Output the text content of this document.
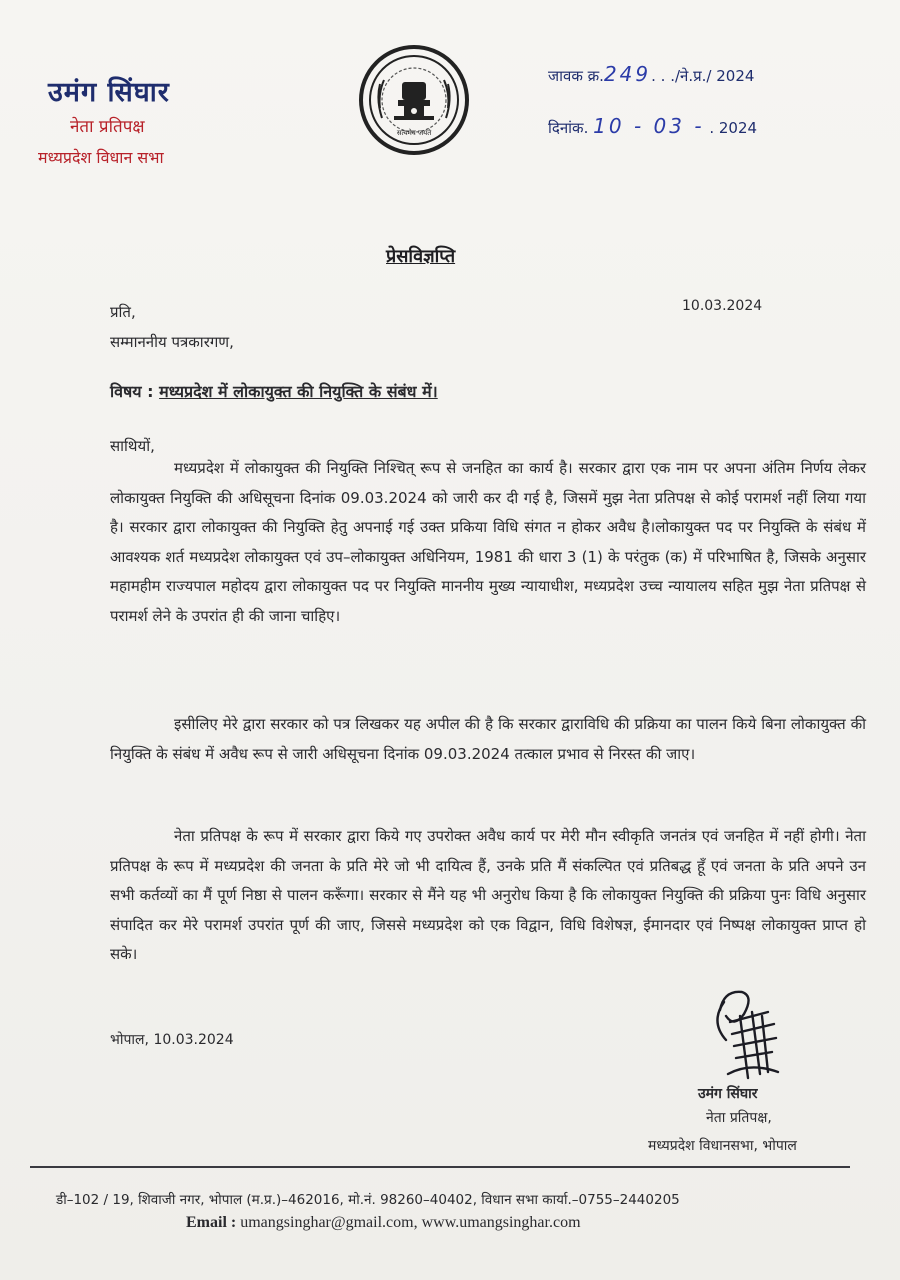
उमंग सिंघार
नेता प्रतिपक्ष
मध्यप्रदेश विधान सभा
सत्यमेव जयते
जावक क्र.249. . ./ने.प्र./ 2024
दिनांक. 10 - 03 - . 2024
प्रेसविज्ञप्ति
10.03.2024
प्रति,
सम्माननीय पत्रकारगण,
विषय : मध्यप्रदेश में लोकायुक्त की नियुक्ति के संबंध में।
साथियों,

मध्यप्रदेश में लोकायुक्त की नियुक्ति निश्चित् रूप से जनहित का कार्य है। सरकार द्वारा एक नाम पर अपना अंतिम निर्णय लेकर लोकायुक्त नियुक्ति की अधिसूचना दिनांक 09.03.2024 को जारी कर दी गई है, जिसमें मुझ नेता प्रतिपक्ष से कोई परामर्श नहीं लिया गया है। सरकार द्वारा लोकायुक्त की नियुक्ति हेतु अपनाई गई उक्त प्रकिया विधि संगत न होकर अवैध है।लोकायुक्त पद पर नियुक्ति के संबंध में आवश्यक शर्त मध्यप्रदेश लोकायुक्त एवं उप–लोकायुक्त अधिनियम, 1981 की धारा 3 (1) के परंतुक (क) में परिभाषित है, जिसके अनुसार महामहीम राज्यपाल महोदय द्वारा लोकायुक्त पद पर नियुक्ति माननीय मुख्य न्यायाधीश, मध्यप्रदेश उच्च न्यायालय सहित मुझ नेता प्रतिपक्ष से परामर्श लेने के उपरांत ही की जाना चाहिए।

इसीलिए मेरे द्वारा सरकार को पत्र लिखकर यह अपील की है कि सरकार द्वाराविधि की प्रक्रिया का पालन किये बिना लोकायुक्त की नियुक्ति के संबंध में अवैध रूप से जारी अधिसूचना दिनांक 09.03.2024 तत्काल प्रभाव से निरस्त की जाए।

नेता प्रतिपक्ष के रूप में सरकार द्वारा किये गए उपरोक्त अवैध कार्य पर मेरी मौन स्वीकृति जनतंत्र एवं जनहित में नहीं होगी। नेता प्रतिपक्ष के रूप में मध्यप्रदेश की जनता के प्रति मेरे जो भी दायित्व हैं, उनके प्रति मैं संकल्पित एवं प्रतिबद्ध हूँ एवं जनता के प्रति अपने उन सभी कर्तव्यों का मैं पूर्ण निष्ठा से पालन करूँगा। सरकार से मैंने यह भी अनुरोध किया है कि लोकायुक्त नियुक्ति की प्रक्रिया पुनः विधि अनुसार संपादित कर मेरे परामर्श उपरांत पूर्ण की जाए, जिससे मध्यप्रदेश को एक विद्वान, विधि विशेषज्ञ, ईमानदार एवं निष्पक्ष लोकायुक्त प्राप्त हो सके।

भोपाल, 10.03.2024
उमंग सिंघार
नेता प्रतिपक्ष,
मध्यप्रदेश विधानसभा, भोपाल
डी–102 / 19, शिवाजी नगर, भोपाल (म.प्र.)–462016, मो.नं. 98260–40402, विधान सभा कार्या.–0755–2440205
Email : umangsinghar@gmail.com, www.umangsinghar.com
